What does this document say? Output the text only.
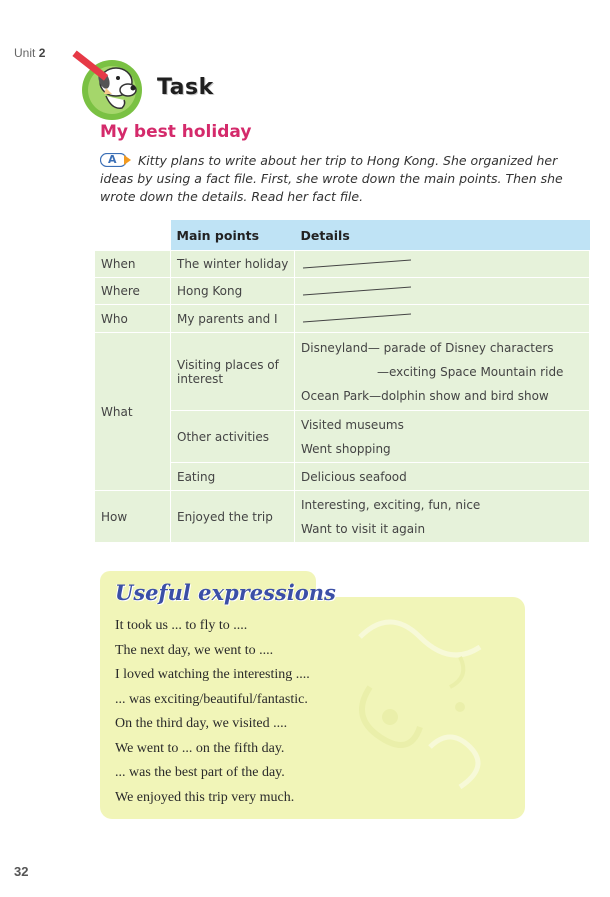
Unit 2
Task
My best holiday
A Kitty plans to write about her trip to Hong Kong. She organized her ideas by using a fact file. First, she wrote down the main points. Then she wrote down the details. Read her fact file.
	Main points	Details
When	The winter holiday	
Where	Hong Kong	
Who	My parents and I	
What	Visiting places of interest	Disneyland— parade of Disney characters
—exciting Space Mountain ride
Ocean Park—dolphin show and bird show

	Other activities	Visited museums
Went shopping

	Eating	Delicious seafood

How	Enjoyed the trip	Interesting, exciting, fun, nice
Want to visit it again
Useful expressions
It took us ... to fly to ....
The next day, we went to ....
I loved watching the interesting ....
... was exciting/beautiful/fantastic.
On the third day, we visited ....
We went to ... on the fifth day.
... was the best part of the day.
We enjoyed this trip very much.
32
